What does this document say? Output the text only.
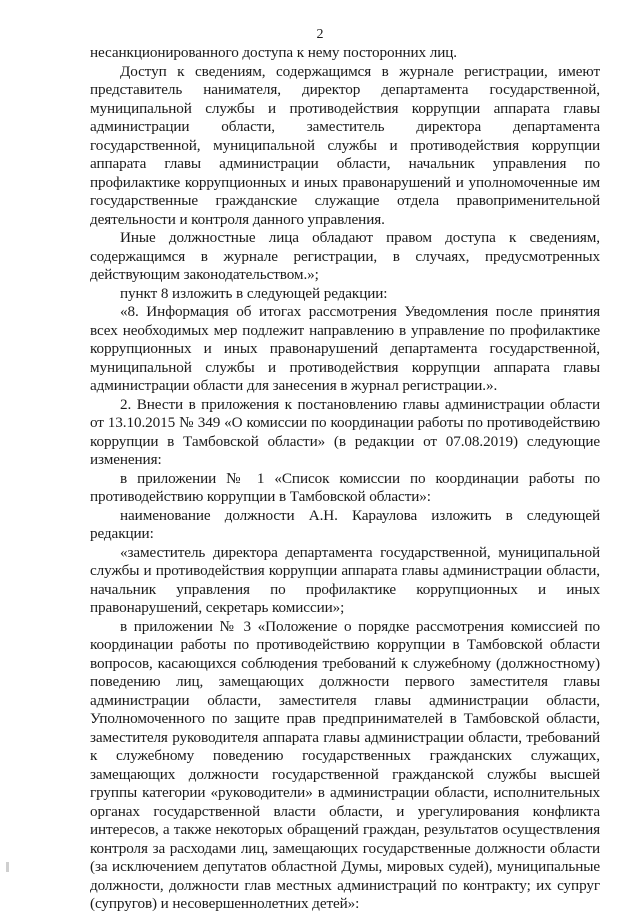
2

несанкционированного доступа к нему посторонних лиц.

Доступ к сведениям, содержащимся в журнале регистрации, имеют представитель нанимателя, директор департамента государственной, муниципальной службы и противодействия коррупции аппарата главы администрации области, заместитель директора департамента государственной, муниципальной службы и противодействия коррупции аппарата главы администрации области, начальник управления по профилактике коррупционных и иных правонарушений и уполномоченные им государственные гражданские служащие отдела правоприменительной деятельности и контроля данного управления.

Иные должностные лица обладают правом доступа к сведениям, содержащимся в журнале регистрации, в случаях, предусмотренных действующим законодательством.»;

пункт 8 изложить в следующей редакции:

«8. Информация об итогах рассмотрения Уведомления после принятия всех необходимых мер подлежит направлению в управление по профилактике коррупционных и иных правонарушений департамента государственной, муниципальной службы и противодействия коррупции аппарата главы администрации области для занесения в журнал регистрации.».

2. Внести в приложения к постановлению главы администрации области от 13.10.2015 № 349 «О комиссии по координации работы по противодействию коррупции в Тамбовской области» (в редакции от 07.08.2019) следующие изменения:

в приложении № 1 «Список комиссии по координации работы по противодействию коррупции в Тамбовской области»:

наименование должности А.Н. Караулова изложить в следующей редакции:

«заместитель директора департамента государственной, муниципальной службы и противодействия коррупции аппарата главы администрации области, начальник управления по профилактике коррупционных и иных правонарушений, секретарь комиссии»;

в приложении № 3 «Положение о порядке рассмотрения комиссией по координации работы по противодействию коррупции в Тамбовской области вопросов, касающихся соблюдения требований к служебному (должностному) поведению лиц, замещающих должности первого заместителя главы администрации области, заместителя главы администрации области, Уполномоченного по защите прав предпринимателей в Тамбовской области, заместителя руководителя аппарата главы администрации области, требований к служебному поведению государственных гражданских служащих, замещающих должности государственной гражданской службы высшей группы категории «руководители» в администрации области, исполнительных органах государственной власти области, и урегулирования конфликта интересов, а также некоторых обращений граждан, результатов осуществления контроля за расходами лиц, замещающих государственные должности области (за исключением депутатов областной Думы, мировых судей), муниципальные должности, должности глав местных администраций по контракту; их супруг (супругов) и несовершеннолетних детей»:
